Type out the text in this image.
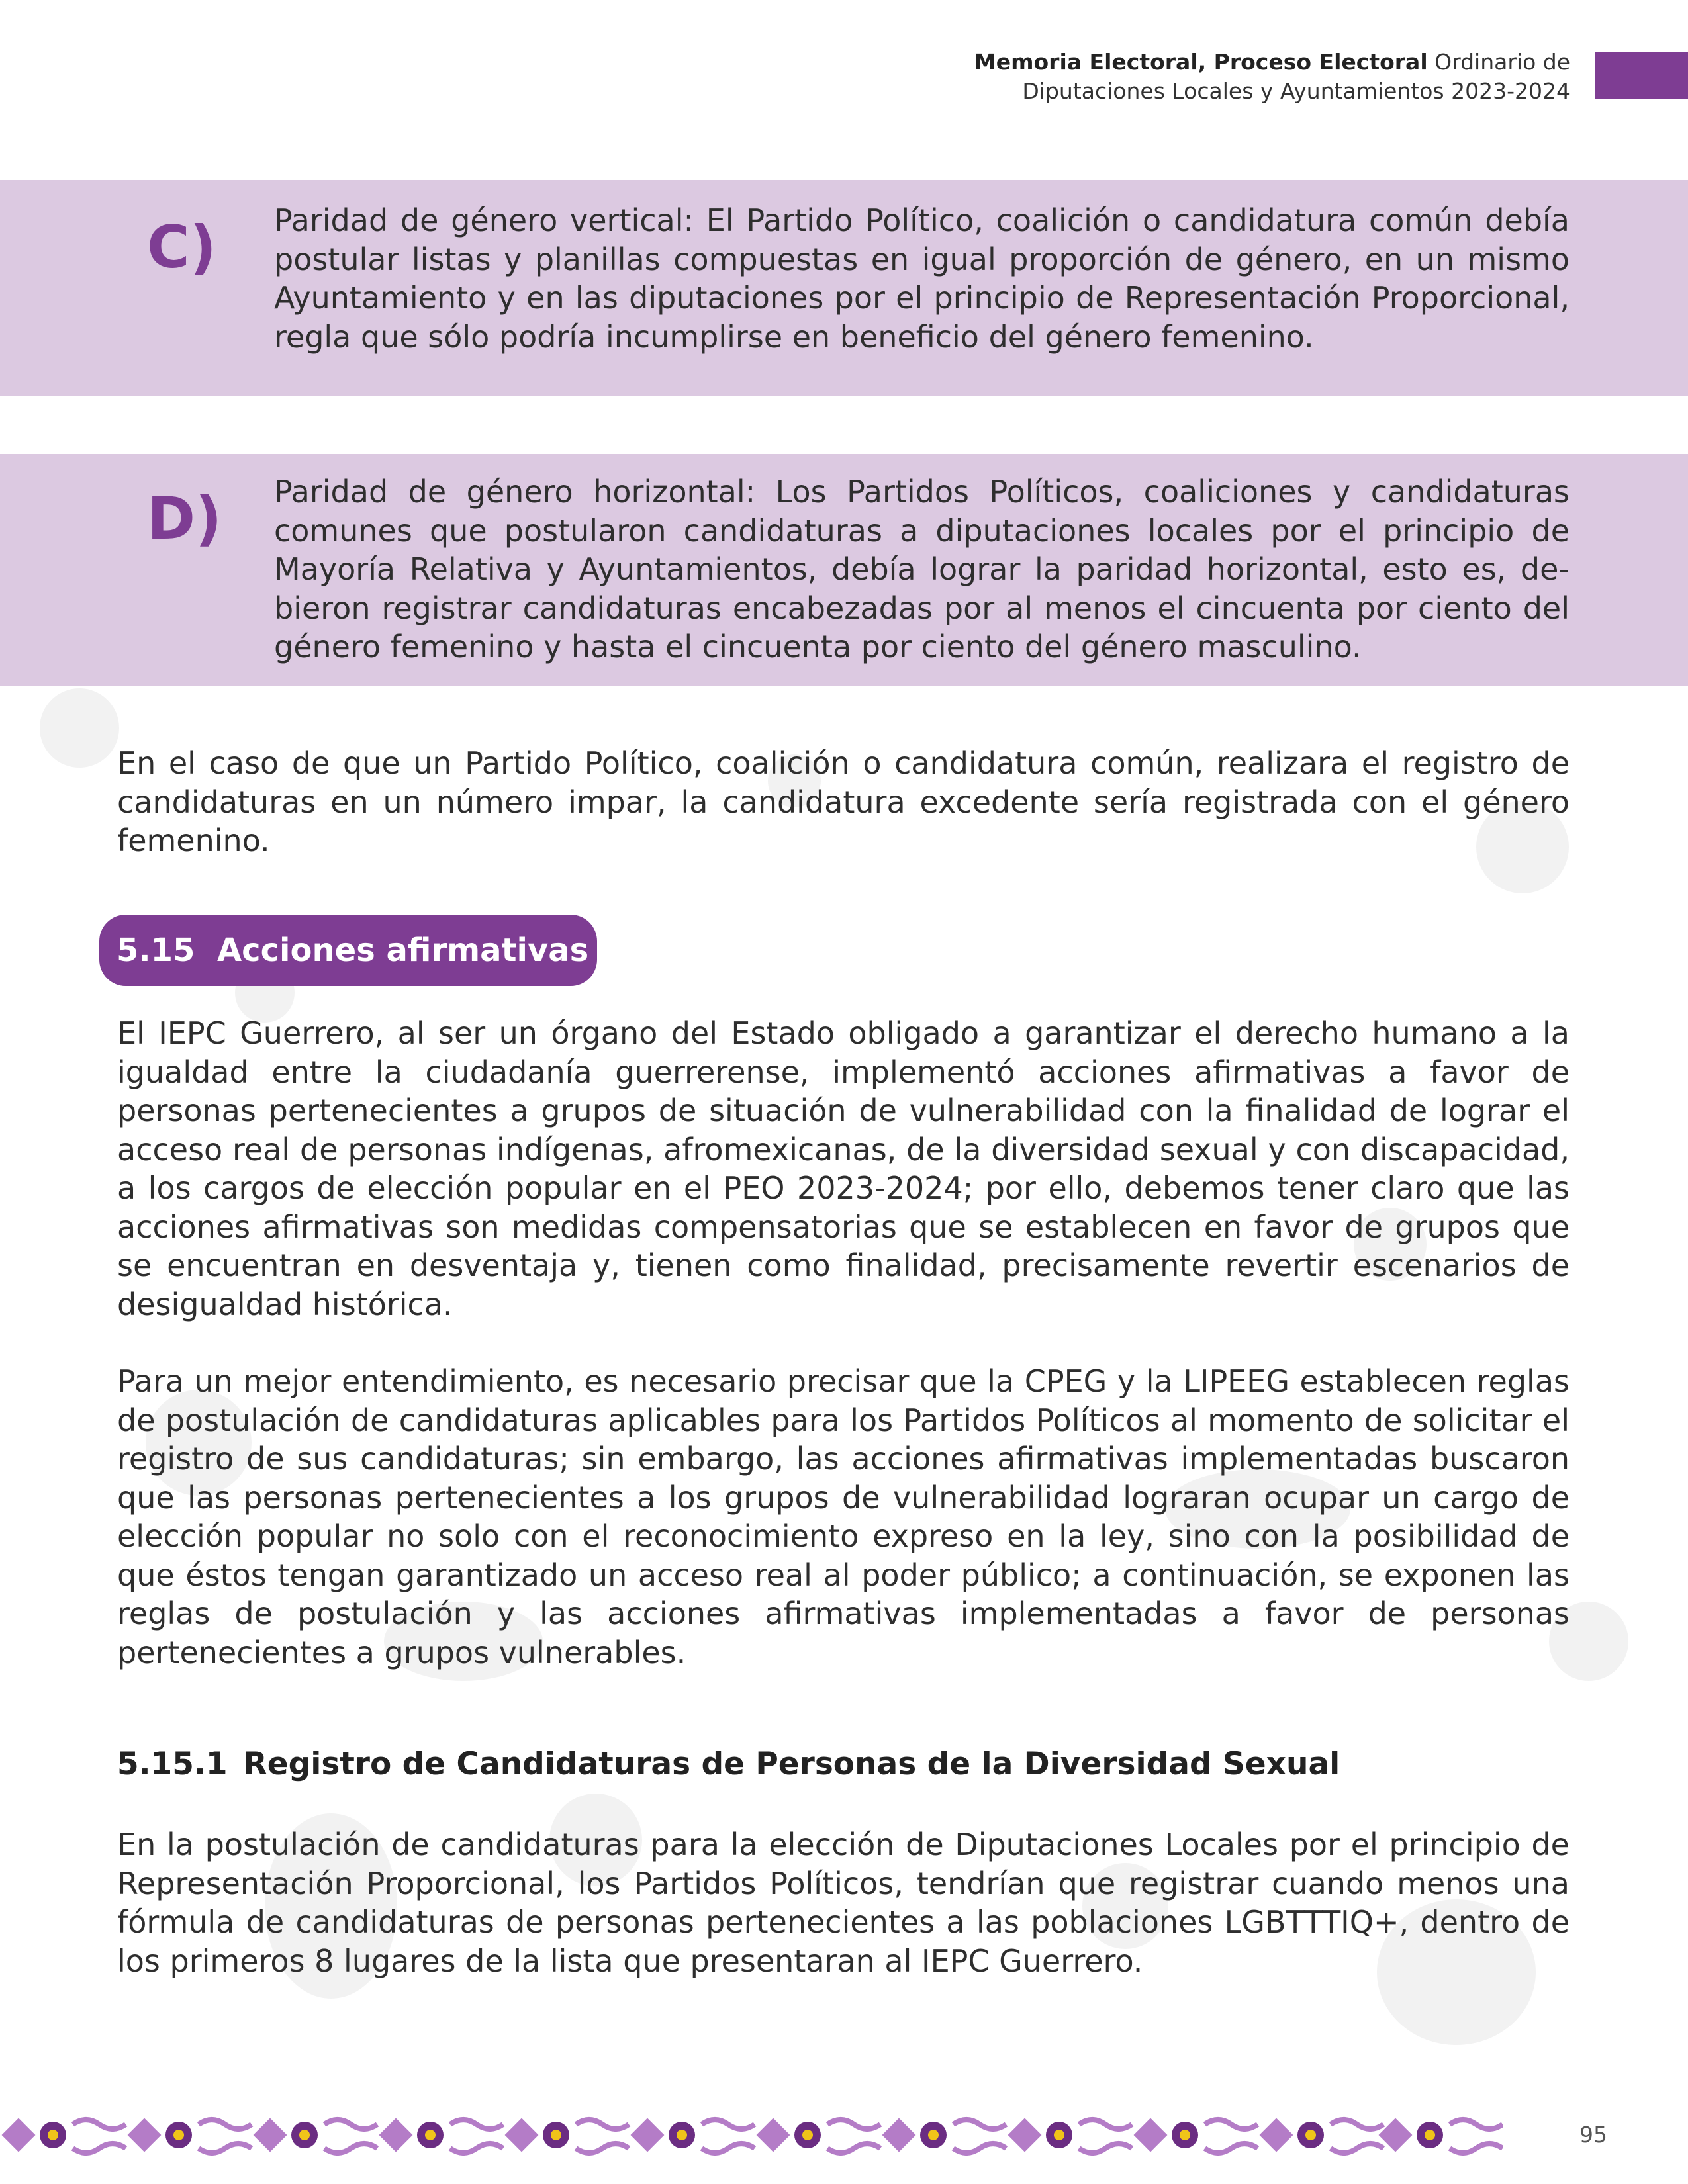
Memoria Electoral, Proceso Electoral Ordinario de
Diputaciones Locales y Ayuntamientos 2023-2024
Paridad de género vertical: El Partido Político, coalición o candidatura común debía postular listas y planillas compuestas en igual proporción de género, en un mismo Ayuntamiento y en las diputaciones por el principio de Representación Proporcional, regla que sólo podría incumplirse en beneficio del género femenino.
Paridad de género horizontal: Los Partidos Políticos, coaliciones y candidaturas comunes que postularon candidaturas a diputaciones locales por el principio de Mayoría Relativa y Ayuntamientos, debía lograr la paridad horizontal, esto es, debieron registrar candidaturas encabezadas por al menos el cincuenta por ciento del género femenino y hasta el cincuenta por ciento del género masculino.
En el caso de que un Partido Político, coalición o candidatura común, realizara el registro de candidaturas en un número impar, la candidatura excedente sería registrada con el género femenino.
5.15 Acciones afirmativas
El IEPC Guerrero, al ser un órgano del Estado obligado a garantizar el derecho humano a la igualdad entre la ciudadanía guerrerense, implementó acciones afirmativas a favor de personas pertenecientes a grupos de situación de vulnerabilidad con la finalidad de lograr el acceso real de personas indígenas, afromexicanas, de la diversidad sexual y con discapacidad, a los cargos de elección popular en el PEO 2023-2024; por ello, debemos tener claro que las acciones afirmativas son medidas compensatorias que se establecen en favor de grupos que se encuentran en desventaja y, tienen como finalidad, precisamente revertir escenarios de desigualdad histórica.
Para un mejor entendimiento, es necesario precisar que la CPEG y la LIPEEG establecen reglas de postulación de candidaturas aplicables para los Partidos Políticos al momento de solicitar el registro de sus candidaturas; sin embargo, las acciones afirmativas implementadas buscaron que las personas pertenecientes a los grupos de vulnerabilidad lograran ocupar un cargo de elección popular no solo con el reconocimiento expreso en la ley, sino con la posibilidad de que éstos tengan garantizado un acceso real al poder público; a continuación, se exponen las reglas de postulación y las acciones afirmativas implementadas a favor de personas pertenecientes a grupos vulnerables.
5.15.1 Registro de Candidaturas de Personas de la Diversidad Sexual
En la postulación de candidaturas para la elección de Diputaciones Locales por el principio de Representación Proporcional, los Partidos Políticos, tendrían que registrar cuando menos una fórmula de candidaturas de personas pertenecientes a las poblaciones LGBTTTIQ+, dentro de los primeros 8 lugares de la lista que presentaran al IEPC Guerrero.
95
C)
D)
